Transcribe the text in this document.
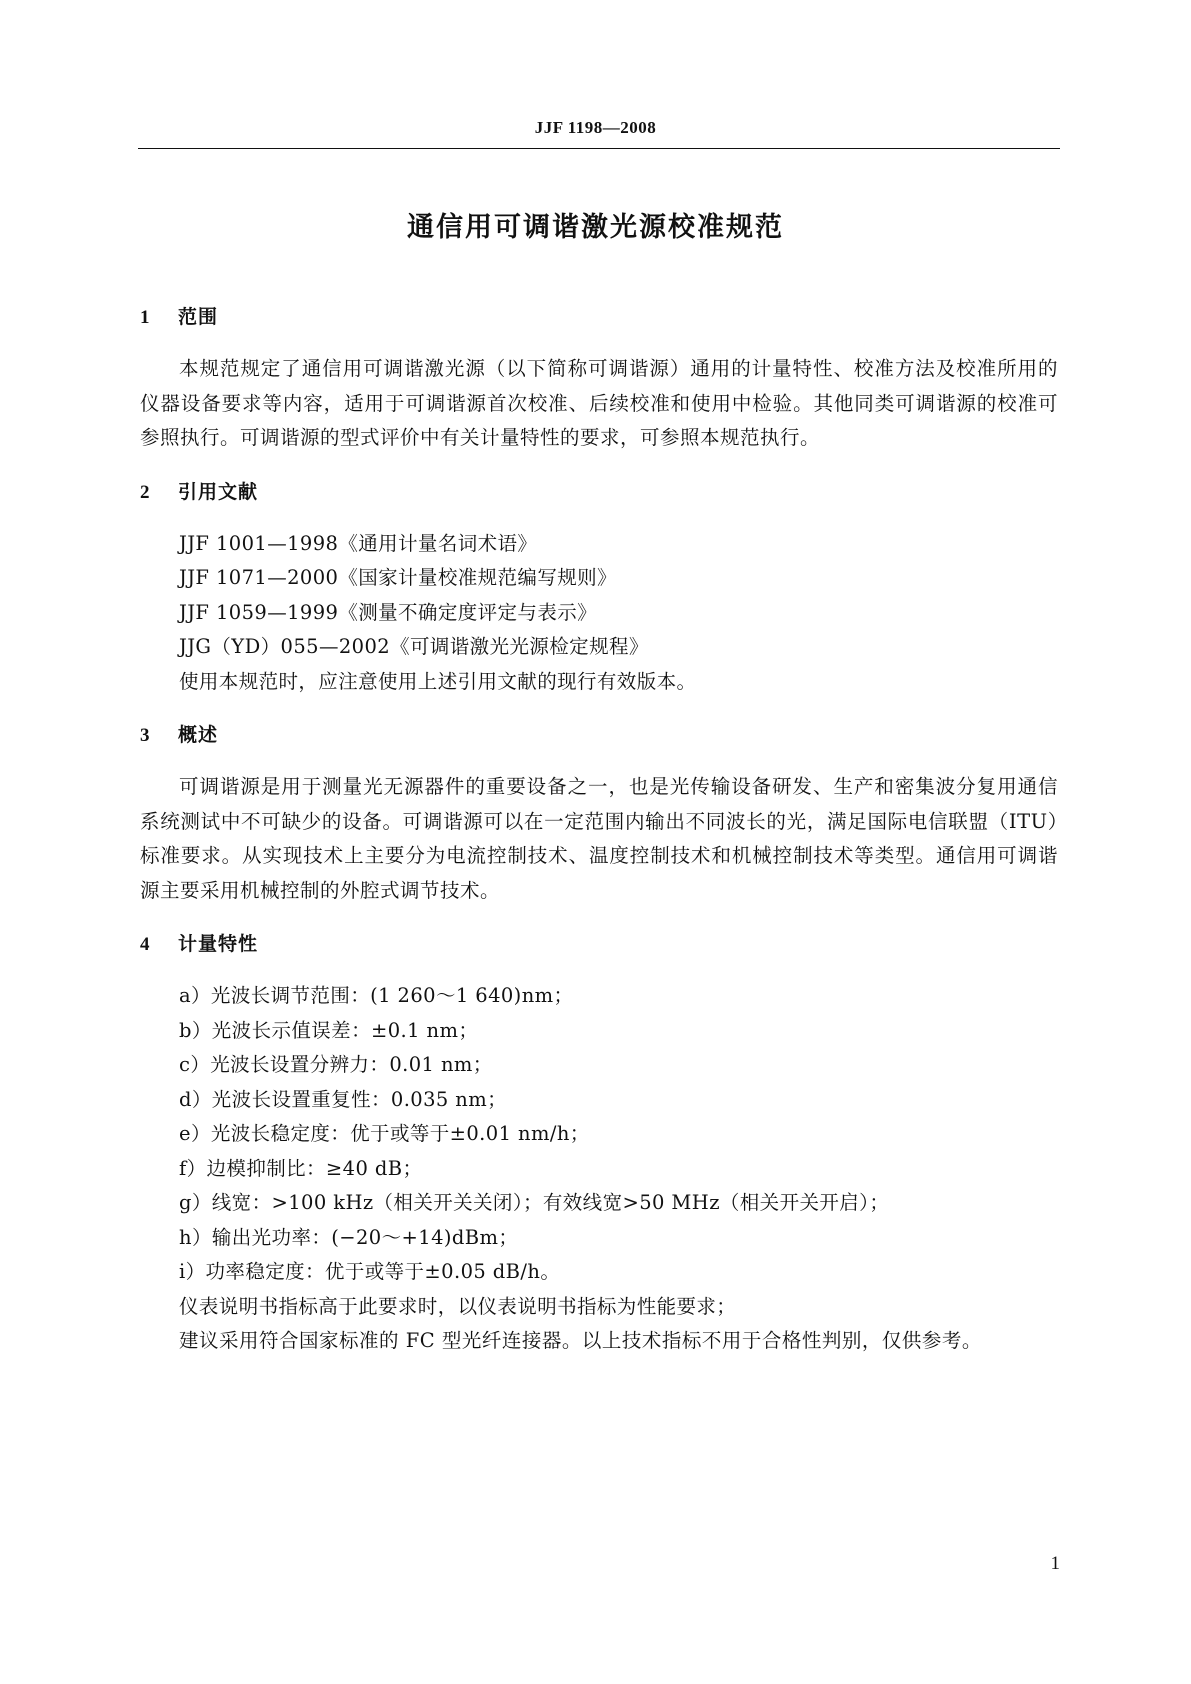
JJF 1198—2008
通信用可调谐激光源校准规范
1 范围

本规范规定了通信用可调谐激光源（以下简称可调谐源）通用的计量特性、校准方法及校准所用的仪器设备要求等内容，适用于可调谐源首次校准、后续校准和使用中检验。其他同类可调谐源的校准可参照执行。可调谐源的型式评价中有关计量特性的要求，可参照本规范执行。

2 引用文献

JJF 1001—1998《通用计量名词术语》

JJF 1071—2000《国家计量校准规范编写规则》

JJF 1059—1999《测量不确定度评定与表示》

JJG（YD）055—2002《可调谐激光光源检定规程》

使用本规范时，应注意使用上述引用文献的现行有效版本。

3 概述

可调谐源是用于测量光无源器件的重要设备之一，也是光传输设备研发、生产和密集波分复用通信系统测试中不可缺少的设备。可调谐源可以在一定范围内输出不同波长的光，满足国际电信联盟（ITU）标准要求。从实现技术上主要分为电流控制技术、温度控制技术和机械控制技术等类型。通信用可调谐源主要采用机械控制的外腔式调节技术。

4 计量特性

a）光波长调节范围：(1 260～1 640)nm；

b）光波长示值误差：±0.1 nm；

c）光波长设置分辨力：0.01 nm；

d）光波长设置重复性：0.035 nm；

e）光波长稳定度：优于或等于±0.01 nm/h；

f）边模抑制比：≥40 dB；

g）线宽：>100 kHz（相关开关关闭）；有效线宽>50 MHz（相关开关开启）；

h）输出光功率：(−20～+14)dBm；

i）功率稳定度：优于或等于±0.05 dB/h。

仪表说明书指标高于此要求时，以仪表说明书指标为性能要求；

建议采用符合国家标准的 FC 型光纤连接器。以上技术指标不用于合格性判别，仅供参考。

1
